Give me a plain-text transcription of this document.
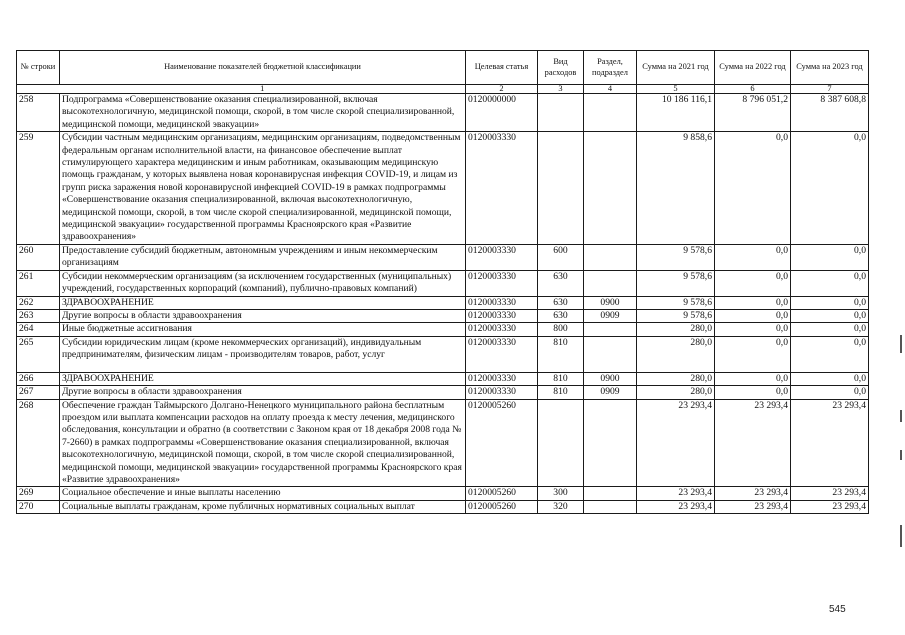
№ строки	Наименование показателей бюджетной классификации	Целевая статья	Вид расходов	Раздел, подраздел	Сумма на 2021 год	Сумма на 2022 год	Сумма на 2023 год
	1	2	3	4	5	6	7
258	Подпрограмма «Совершенствование оказания специализированной, включая высокотехнологичную, медицинской помощи, скорой, в том числе скорой специализированной, медицинской помощи, медицинской эвакуации»	0120000000			10 186 116,1	8 796 051,2	8 387 608,8
259	Субсидии частным медицинским организациям, медицинским организациям, подведомственным федеральным органам исполнительной власти, на финансовое обеспечение выплат стимулирующего характера медицинским и иным работникам, оказывающим медицинскую помощь гражданам, у которых выявлена новая коронавирусная инфекция COVID-19, и лицам из групп риска заражения новой коронавирусной инфекцией COVID-19 в рамках подпрограммы «Совершенствование оказания специализированной, включая высокотехнологичную, медицинской помощи, скорой, в том числе скорой специализированной, медицинской помощи, медицинской эвакуации» государственной программы Красноярского края «Развитие здравоохранения»	0120003330			9 858,6	0,0	0,0
260	Предоставление субсидий бюджетным, автономным учреждениям и иным некоммерческим организациям	0120003330	600		9 578,6	0,0	0,0
261	Субсидии некоммерческим организациям (за исключением государственных (муниципальных) учреждений, государственных корпораций (компаний), публично-правовых компаний)	0120003330	630		9 578,6	0,0	0,0
262	ЗДРАВООХРАНЕНИЕ	0120003330	630	0900	9 578,6	0,0	0,0
263	Другие вопросы в области здравоохранения	0120003330	630	0909	9 578,6	0,0	0,0
264	Иные бюджетные ассигнования	0120003330	800		280,0	0,0	0,0
265	Субсидии юридическим лицам (кроме некоммерческих организаций), индивидуальным предпринимателям, физическим лицам - производителям товаров, работ, услуг	0120003330	810		280,0	0,0	0,0
266	ЗДРАВООХРАНЕНИЕ	0120003330	810	0900	280,0	0,0	0,0
267	Другие вопросы в области здравоохранения	0120003330	810	0909	280,0	0,0	0,0
268	Обеспечение граждан Таймырского Долгано-Ненецкого муниципального района бесплатным проездом или выплата компенсации расходов на оплату проезда к месту лечения, медицинского обследования, консультации и обратно (в соответствии с Законом края от 18 декабря 2008 года № 7-2660) в рамках подпрограммы «Совершенствование оказания специализированной, включая высокотехнологичную, медицинской помощи, скорой, в том числе скорой специализированной, медицинской помощи, медицинской эвакуации» государственной программы Красноярского края «Развитие здравоохранения»	0120005260			23 293,4	23 293,4	23 293,4
269	Социальное обеспечение и иные выплаты населению	0120005260	300		23 293,4	23 293,4	23 293,4
270	Социальные выплаты гражданам, кроме публичных нормативных социальных выплат	0120005260	320		23 293,4	23 293,4	23 293,4
545
